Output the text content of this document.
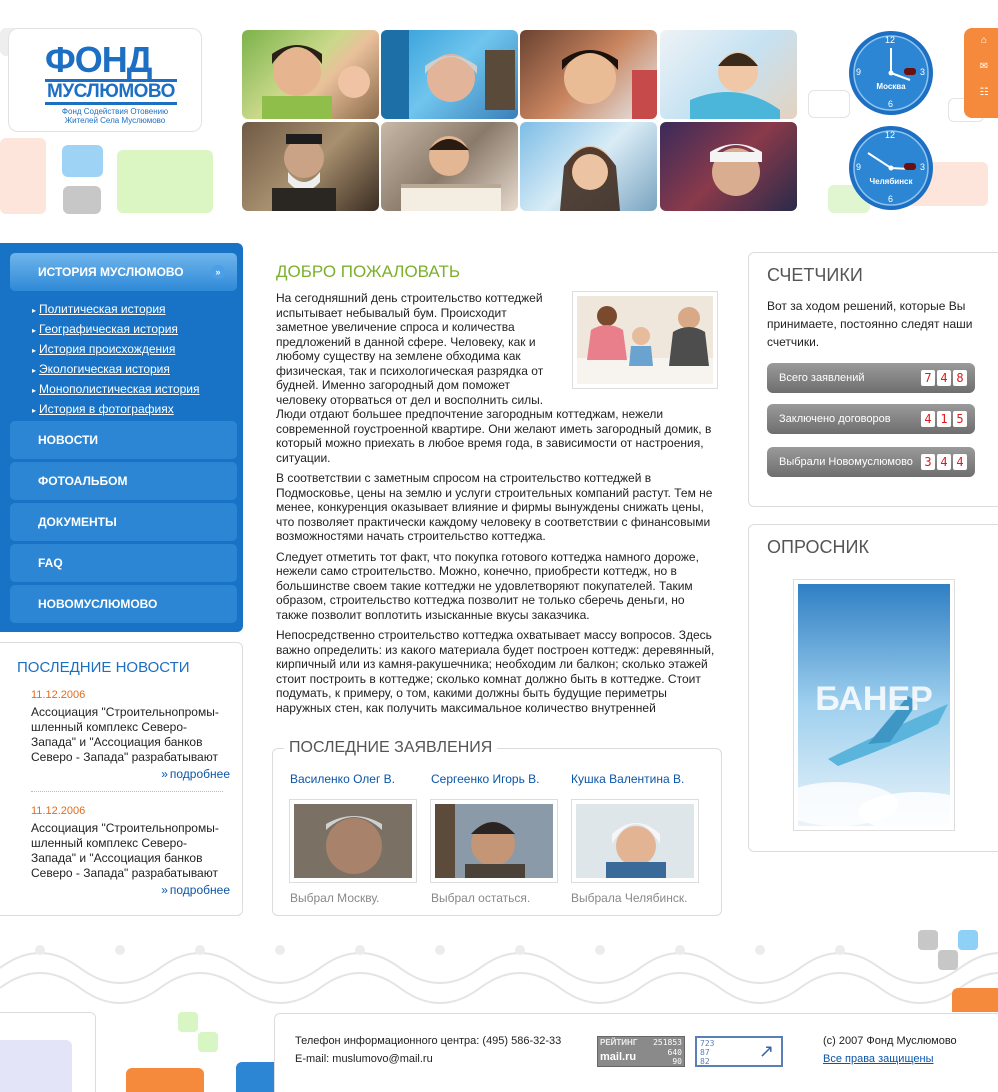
ФОНД
МУСЛЮМОВО
Фонд Содействия Отовению Жителей Села Муслюмово
12
3
6
9
Москва
12
3
6
9
Челябинск
⌂
✉
☷
ИСТОРИЯ МУСЛЮМОВО	»
▸ Политическая история
▸ Географическая история
▸ История происхождения
▸ Экологическая история
▸ Монополистическая история
▸ История в фотографиях
НОВОСТИ
ФОТОАЛЬБОМ
ДОКУМЕНТЫ
FAQ
НОВОМУСЛЮМОВО
ПОСЛЕДНИЕ НОВОСТИ
11.12.2006
Ассоциация "Строительнопромы-шленный комплекс Северо-Запада" и "Ассоциация банков Северо - Запада" разрабатывают
» подробнее
11.12.2006
Ассоциация "Строительнопромы-шленный комплекс Северо-Запада" и "Ассоциация банков Северо - Запада" разрабатывают
» подробнее
ДОБРО ПОЖАЛОВАТЬ

На сегодняшний день строительство коттеджей испытывает небывалый бум. Происходит заметное увеличение спроса и количества предложений в данной сфере. Человеку, как и любому существу на землене обходима как физическая, так и психологическая разрядка от будней. Именно загородный дом поможет человеку оторваться от дел и восполнить силы. Люди отдают большее предпочтение загородным коттеджам, нежели современной гоустроенной квартире. Они желают иметь загородный домик, в который можно приехать в любое время года, в зависимости от настроения, ситуации.

В соответствии с заметным спросом на строительство коттеджей в Подмосковье, цены на землю и услуги строительных компаний растут. Тем не менее, конкуренция оказывает влияние и фирмы вынуждены снижать цены, что позволяет практически каждому человеку в соответствии с финансовыми возможностями начать строительство коттеджа.

Следует отметить тот факт, что покупка готового коттеджа намного дороже, нежели само строительство. Можно, конечно, приобрести коттедж, но в большинстве своем такие коттеджи не удовлетворяют покупателей. Таким образом, строительство коттеджа позволит не только сберечь деньги, но также позволит воплотить изысканные вкусы заказчика.

Непосредственно строительство коттеджа охватывает массу вопросов. Здесь важно определить: из какого материала будет построен коттедж: деревянный, кирпичный или из камня-ракушечника; необходим ли балкон; сколько этажей стоит построить в коттедже; сколько комнат должно быть в коттедже. Стоит подумать, к примеру, о том, какими должны быть будущие периметры наружных стен, как получить максимальное количество внутренней

ПОСЛЕДНИЕ ЗАЯВЛЕНИЯ
Василенко Олег В.	Сергеенко Игорь В.	Кушка Валентина В.
Выбрал Москву.	Выбрал остаться.	Выбрала Челябинск.
СЧЕТЧИКИ
Вот за ходом решений, которые Вы принимаете, постоянно следят наши счетчики.
Всего заявлений	7 4 8
Заключено договоров	4 1 5
Выбрали Новомуслюмово 3 4 4
ОПРОСНИК
БАНЕР
Телефон информационного центра: (495) 586-32-33
E-mail: muslumovo@mail.ru
РЕЙТИНГ
mail.ru
251853
640
90
723
87
82
↗	(c) 2007 Фонд Муслюмово
Все права защищены
